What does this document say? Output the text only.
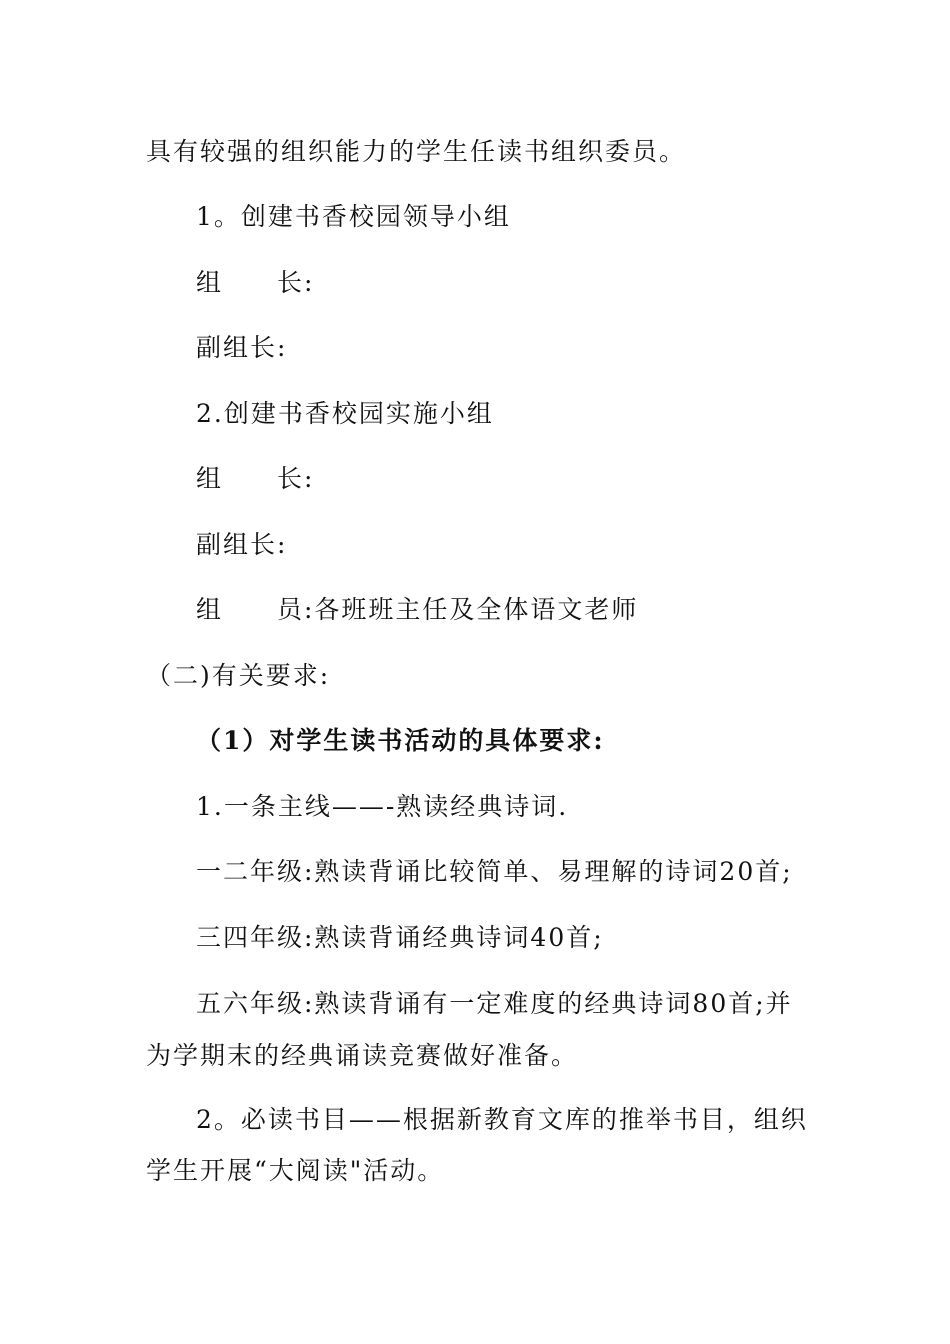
具有较强的组织能力的学生任读书组织委员。
1。创建书香校园领导小组
组　　长:
副组长:
2.创建书香校园实施小组
组　　长:
副组长:
组　　员:各班班主任及全体语文老师
（二)有关要求:
（1）对学生读书活动的具体要求:
1.一条主线——-熟读经典诗词.
一二年级:熟读背诵比较简单、易理解的诗词20首;
三四年级:熟读背诵经典诗词40首;
五六年级:熟读背诵有一定难度的经典诗词80首;并
为学期末的经典诵读竞赛做好准备。
2。必读书目——根据新教育文库的推举书目，组织
学生开展“大阅读"活动。
